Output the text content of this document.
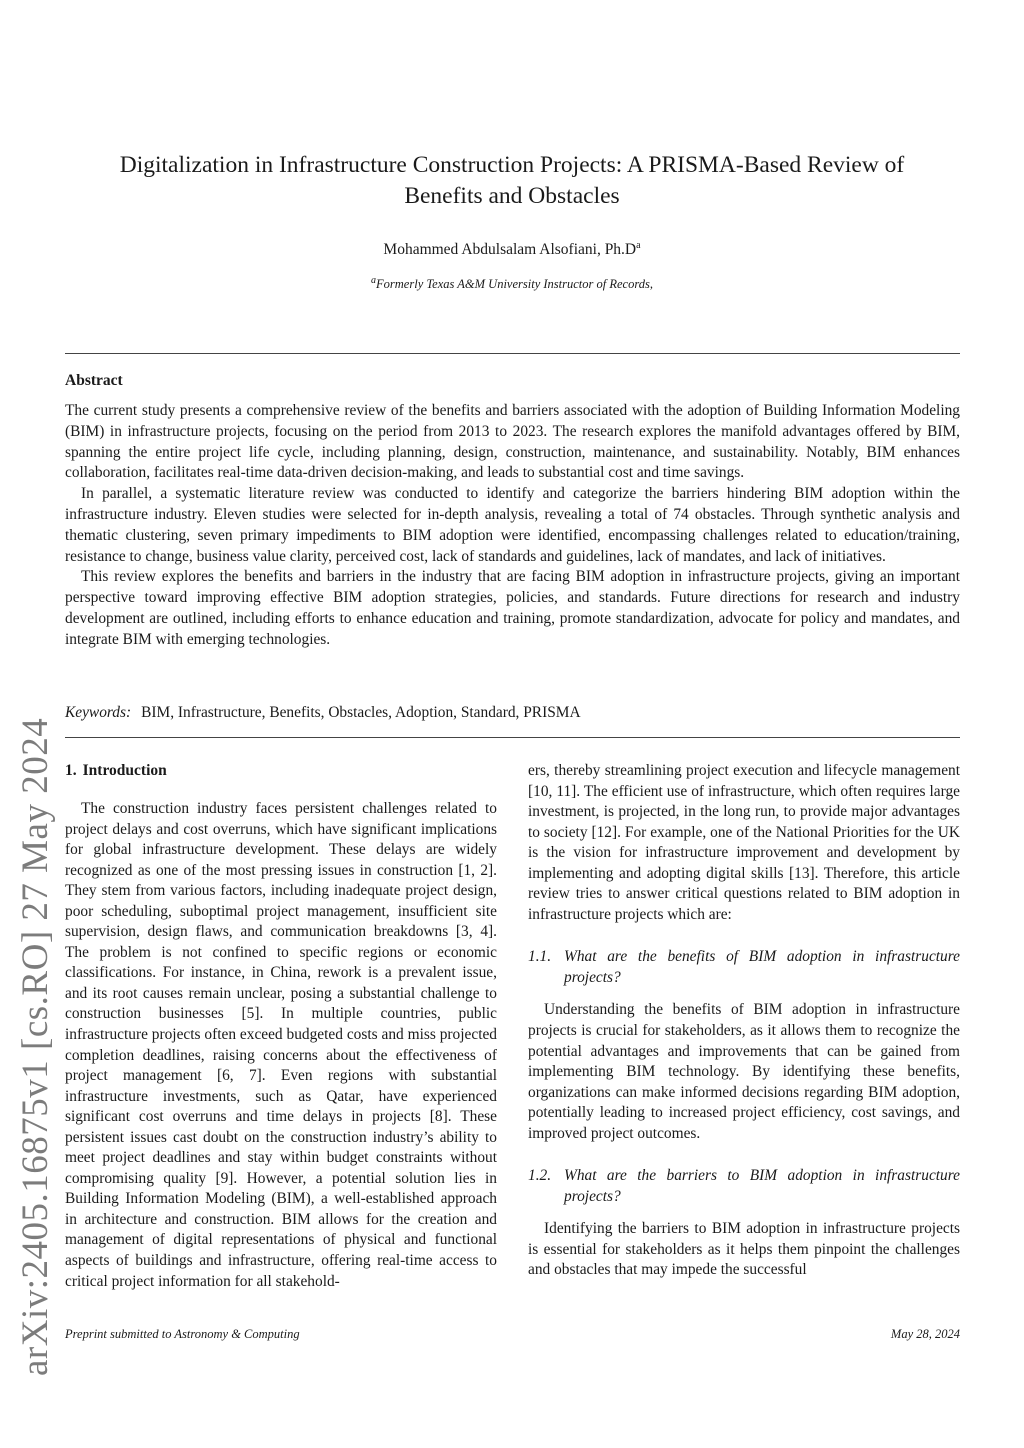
arXiv:2405.16875v1 [cs.RO] 27 May 2024
Digitalization in Infrastructure Construction Projects: A PRISMA-Based Review of
Benefits and Obstacles
Mohammed Abdulsalam Alsofiani, $Ph.D^a$
$^a$Formerly Texas A&M University Instructor of Records,
Abstract

The current study presents a comprehensive review of the benefits and barriers associated with the adoption of Building Information Modeling (BIM) in infrastructure projects, focusing on the period from 2013 to 2023. The research explores the manifold advantages offered by BIM, spanning the entire project life cycle, including planning, design, construction, maintenance, and sustainability. Notably, BIM enhances collaboration, facilitates real-time data-driven decision-making, and leads to substantial cost and time savings.

In parallel, a systematic literature review was conducted to identify and categorize the barriers hindering BIM adoption within the infrastructure industry. Eleven studies were selected for in-depth analysis, revealing a total of 74 obstacles. Through synthetic analysis and thematic clustering, seven primary impediments to BIM adoption were identified, encompassing challenges related to education/training, resistance to change, business value clarity, perceived cost, lack of standards and guidelines, lack of mandates, and lack of initiatives.

This review explores the benefits and barriers in the industry that are facing BIM adoption in infrastructure projects, giving an important perspective toward improving effective BIM adoption strategies, policies, and standards. Future directions for research and industry development are outlined, including efforts to enhance education and training, promote standardization, advocate for policy and mandates, and integrate BIM with emerging technologies.

Keywords: BIM, Infrastructure, Benefits, Obstacles, Adoption, Standard, PRISMA
1. Introduction

The construction industry faces persistent challenges related to project delays and cost overruns, which have significant implications for global infrastructure development. These delays are widely recognized as one of the most pressing issues in construction [1, 2]. They stem from various factors, including inadequate project design, poor scheduling, suboptimal project management, insufficient site supervision, design flaws, and communication breakdowns [3, 4]. The problem is not confined to specific regions or economic classifications. For instance, in China, rework is a prevalent issue, and its root causes remain unclear, posing a substantial challenge to construction businesses [5]. In multiple countries, public infrastructure projects often exceed budgeted costs and miss projected completion deadlines, raising concerns about the effectiveness of project management [6, 7]. Even regions with substantial infrastructure investments, such as Qatar, have experienced significant cost overruns and time delays in projects [8]. These persistent issues cast doubt on the construction industry’s ability to meet project deadlines and stay within budget constraints without compromising quality [9]. However, a potential solution lies in Building Information Modeling (BIM), a well-established approach in architecture and construction. BIM allows for the creation and management of digital representations of physical and functional aspects of buildings and infrastructure, offering real-time access to critical project information for all stakehold-

ers, thereby streamlining project execution and lifecycle management [10, 11]. The efficient use of infrastructure, which often requires large investment, is projected, in the long run, to provide major advantages to society [12]. For example, one of the National Priorities for the UK is the vision for infrastructure improvement and development by implementing and adopting digital skills [13]. Therefore, this article review tries to answer critical questions related to BIM adoption in infrastructure projects which are:

1.1. What are the benefits of BIM adoption in infrastructure projects?

Understanding the benefits of BIM adoption in infrastructure projects is crucial for stakeholders, as it allows them to recognize the potential advantages and improvements that can be gained from implementing BIM technology. By identifying these benefits, organizations can make informed decisions regarding BIM adoption, potentially leading to increased project efficiency, cost savings, and improved project outcomes.

1.2. What are the barriers to BIM adoption in infrastructure projects?

Identifying the barriers to BIM adoption in infrastructure projects is essential for stakeholders as it helps them pinpoint the challenges and obstacles that may impede the successful

Preprint submitted to Astronomy & Computing	May 28, 2024
